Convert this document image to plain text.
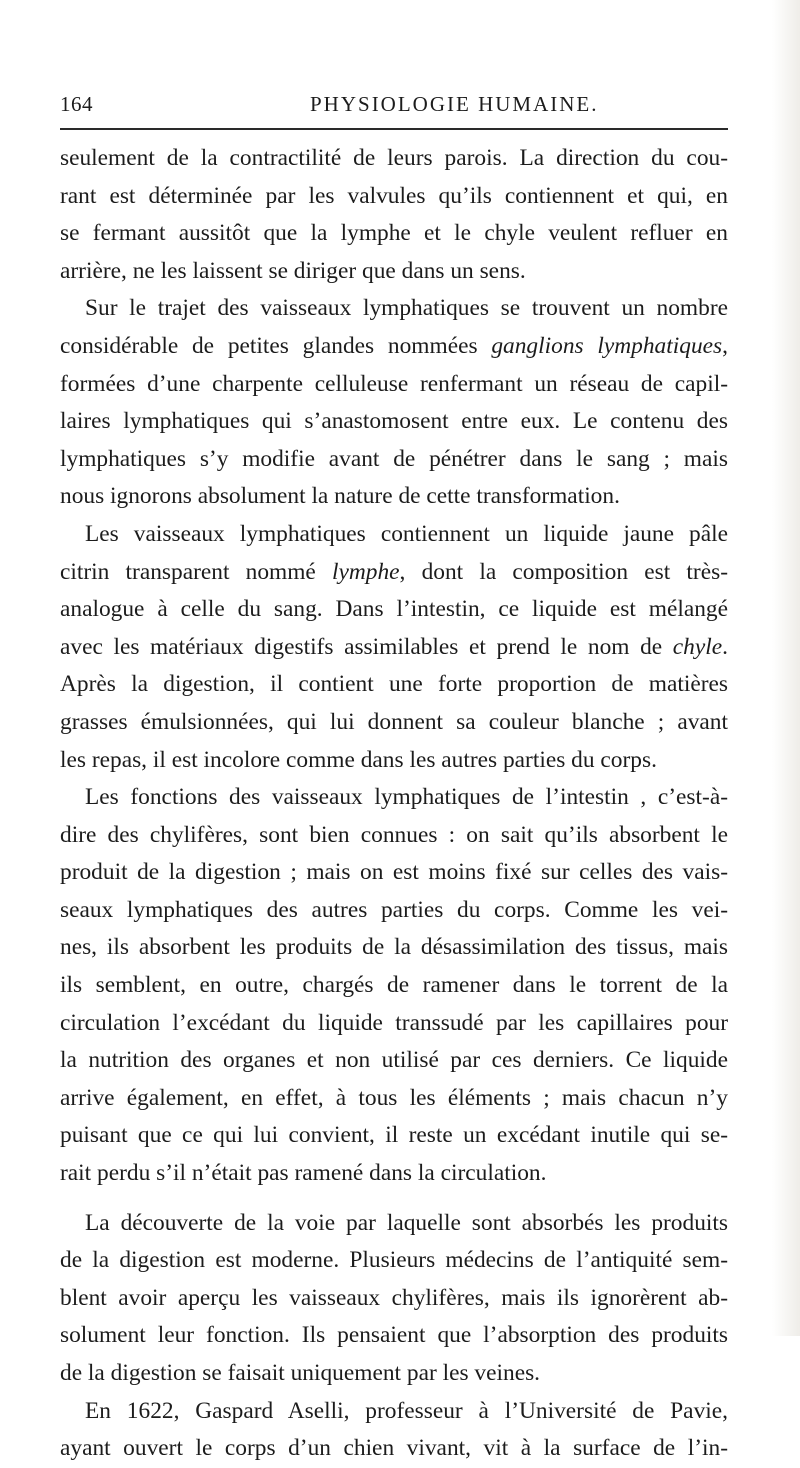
164	PHYSIOLOGIE HUMAINE.

seulement de la contractilité de leurs parois. La direction du cou-
rant est déterminée par les valvules qu’ils contiennent et qui, en
se fermant aussitôt que la lymphe et le chyle veulent refluer en
arrière, ne les laissent se diriger que dans un sens.

Sur le trajet des vaisseaux lymphatiques se trouvent un nombre
considérable de petites glandes nommées ganglions lymphatiques,
formées d’une charpente celluleuse renfermant un réseau de capil-
laires lymphatiques qui s’anastomosent entre eux. Le contenu des
lymphatiques s’y modifie avant de pénétrer dans le sang ; mais
nous ignorons absolument la nature de cette transformation.

Les vaisseaux lymphatiques contiennent un liquide jaune pâle
citrin transparent nommé lymphe, dont la composition est très-
analogue à celle du sang. Dans l’intestin, ce liquide est mélangé
avec les matériaux digestifs assimilables et prend le nom de chyle.
Après la digestion, il contient une forte proportion de matières
grasses émulsionnées, qui lui donnent sa couleur blanche ; avant
les repas, il est incolore comme dans les autres parties du corps.

Les fonctions des vaisseaux lymphatiques de l’intestin , c’est-à-
dire des chylifères, sont bien connues : on sait qu’ils absorbent le
produit de la digestion ; mais on est moins fixé sur celles des vais-
seaux lymphatiques des autres parties du corps. Comme les vei-
nes, ils absorbent les produits de la désassimilation des tissus, mais
ils semblent, en outre, chargés de ramener dans le torrent de la
circulation l’excédant du liquide transsudé par les capillaires pour
la nutrition des organes et non utilisé par ces derniers. Ce liquide
arrive également, en effet, à tous les éléments ; mais chacun n’y
puisant que ce qui lui convient, il reste un excédant inutile qui se-
rait perdu s’il n’était pas ramené dans la circulation.

La découverte de la voie par laquelle sont absorbés les produits
de la digestion est moderne. Plusieurs médecins de l’antiquité sem-
blent avoir aperçu les vaisseaux chylifères, mais ils ignorèrent ab-
solument leur fonction. Ils pensaient que l’absorption des produits
de la digestion se faisait uniquement par les veines.

En 1622, Gaspard Aselli, professeur à l’Université de Pavie,
ayant ouvert le corps d’un chien vivant, vit à la surface de l’in-
